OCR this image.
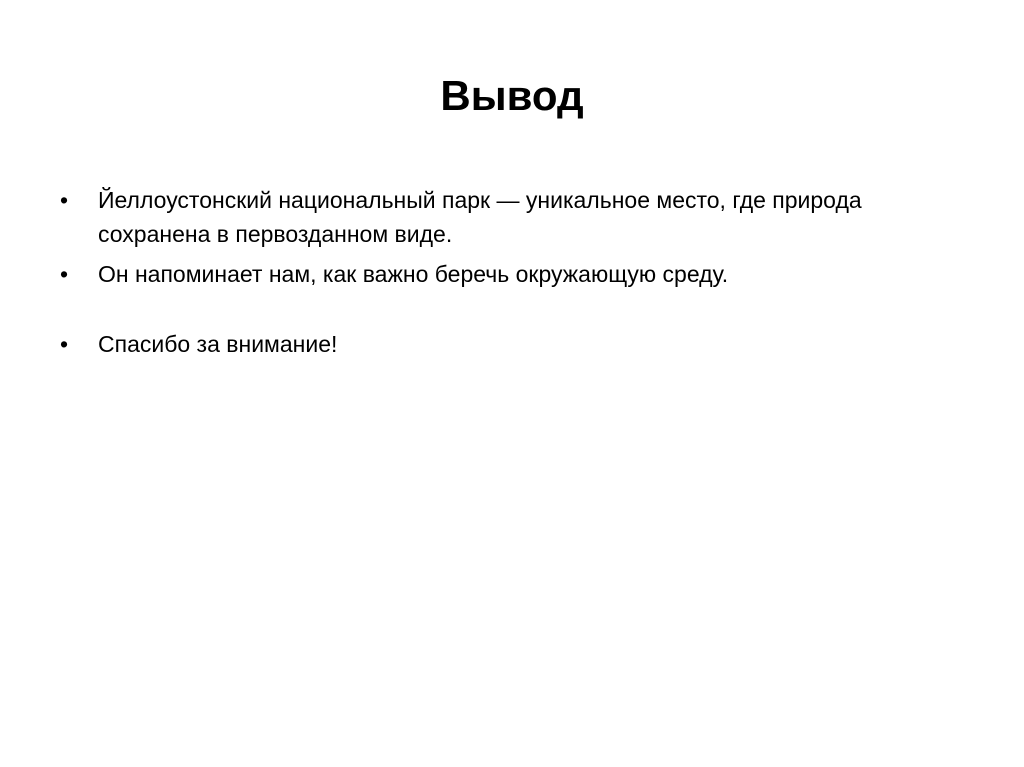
Вывод
•	Йеллоустонский национальный парк — уникальное место, где природа сохранена в первозданном виде.
•	Он напоминает нам, как важно беречь окружающую среду.
•	Спасибо за внимание!
